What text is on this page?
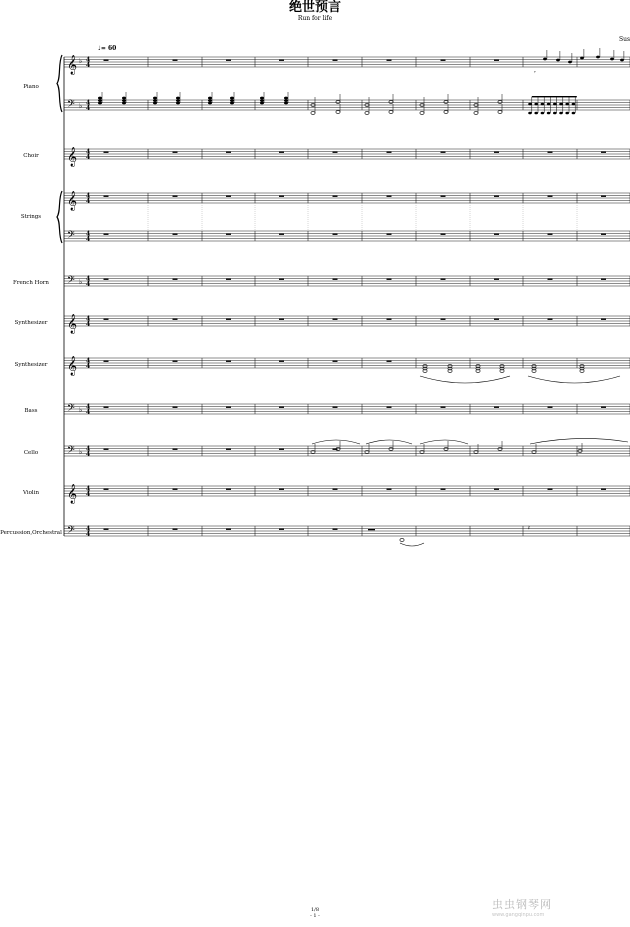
绝世预言
Run for life
♩= 60
Sus
Piano
Choir
Strings
French Horn
Synthesizer
Synthesizer
Bass
Cello
Violin
Percussion,Orchestral
𝄞 ♭ 4
4
𝄢 ♭ 4
4
𝄞 4
4
𝄞 4
4
𝄢 4
4
𝄢 ♭ 4
4
𝄞 4
4
𝄞 4
4
𝄢 ♭ 4
4
𝄢 ♭ 4
4
𝄞 4
4
𝄢 4
4
𝄾
𝄽
1/8
- 1 -
虫虫钢琴网
www.gangqinpu.com
